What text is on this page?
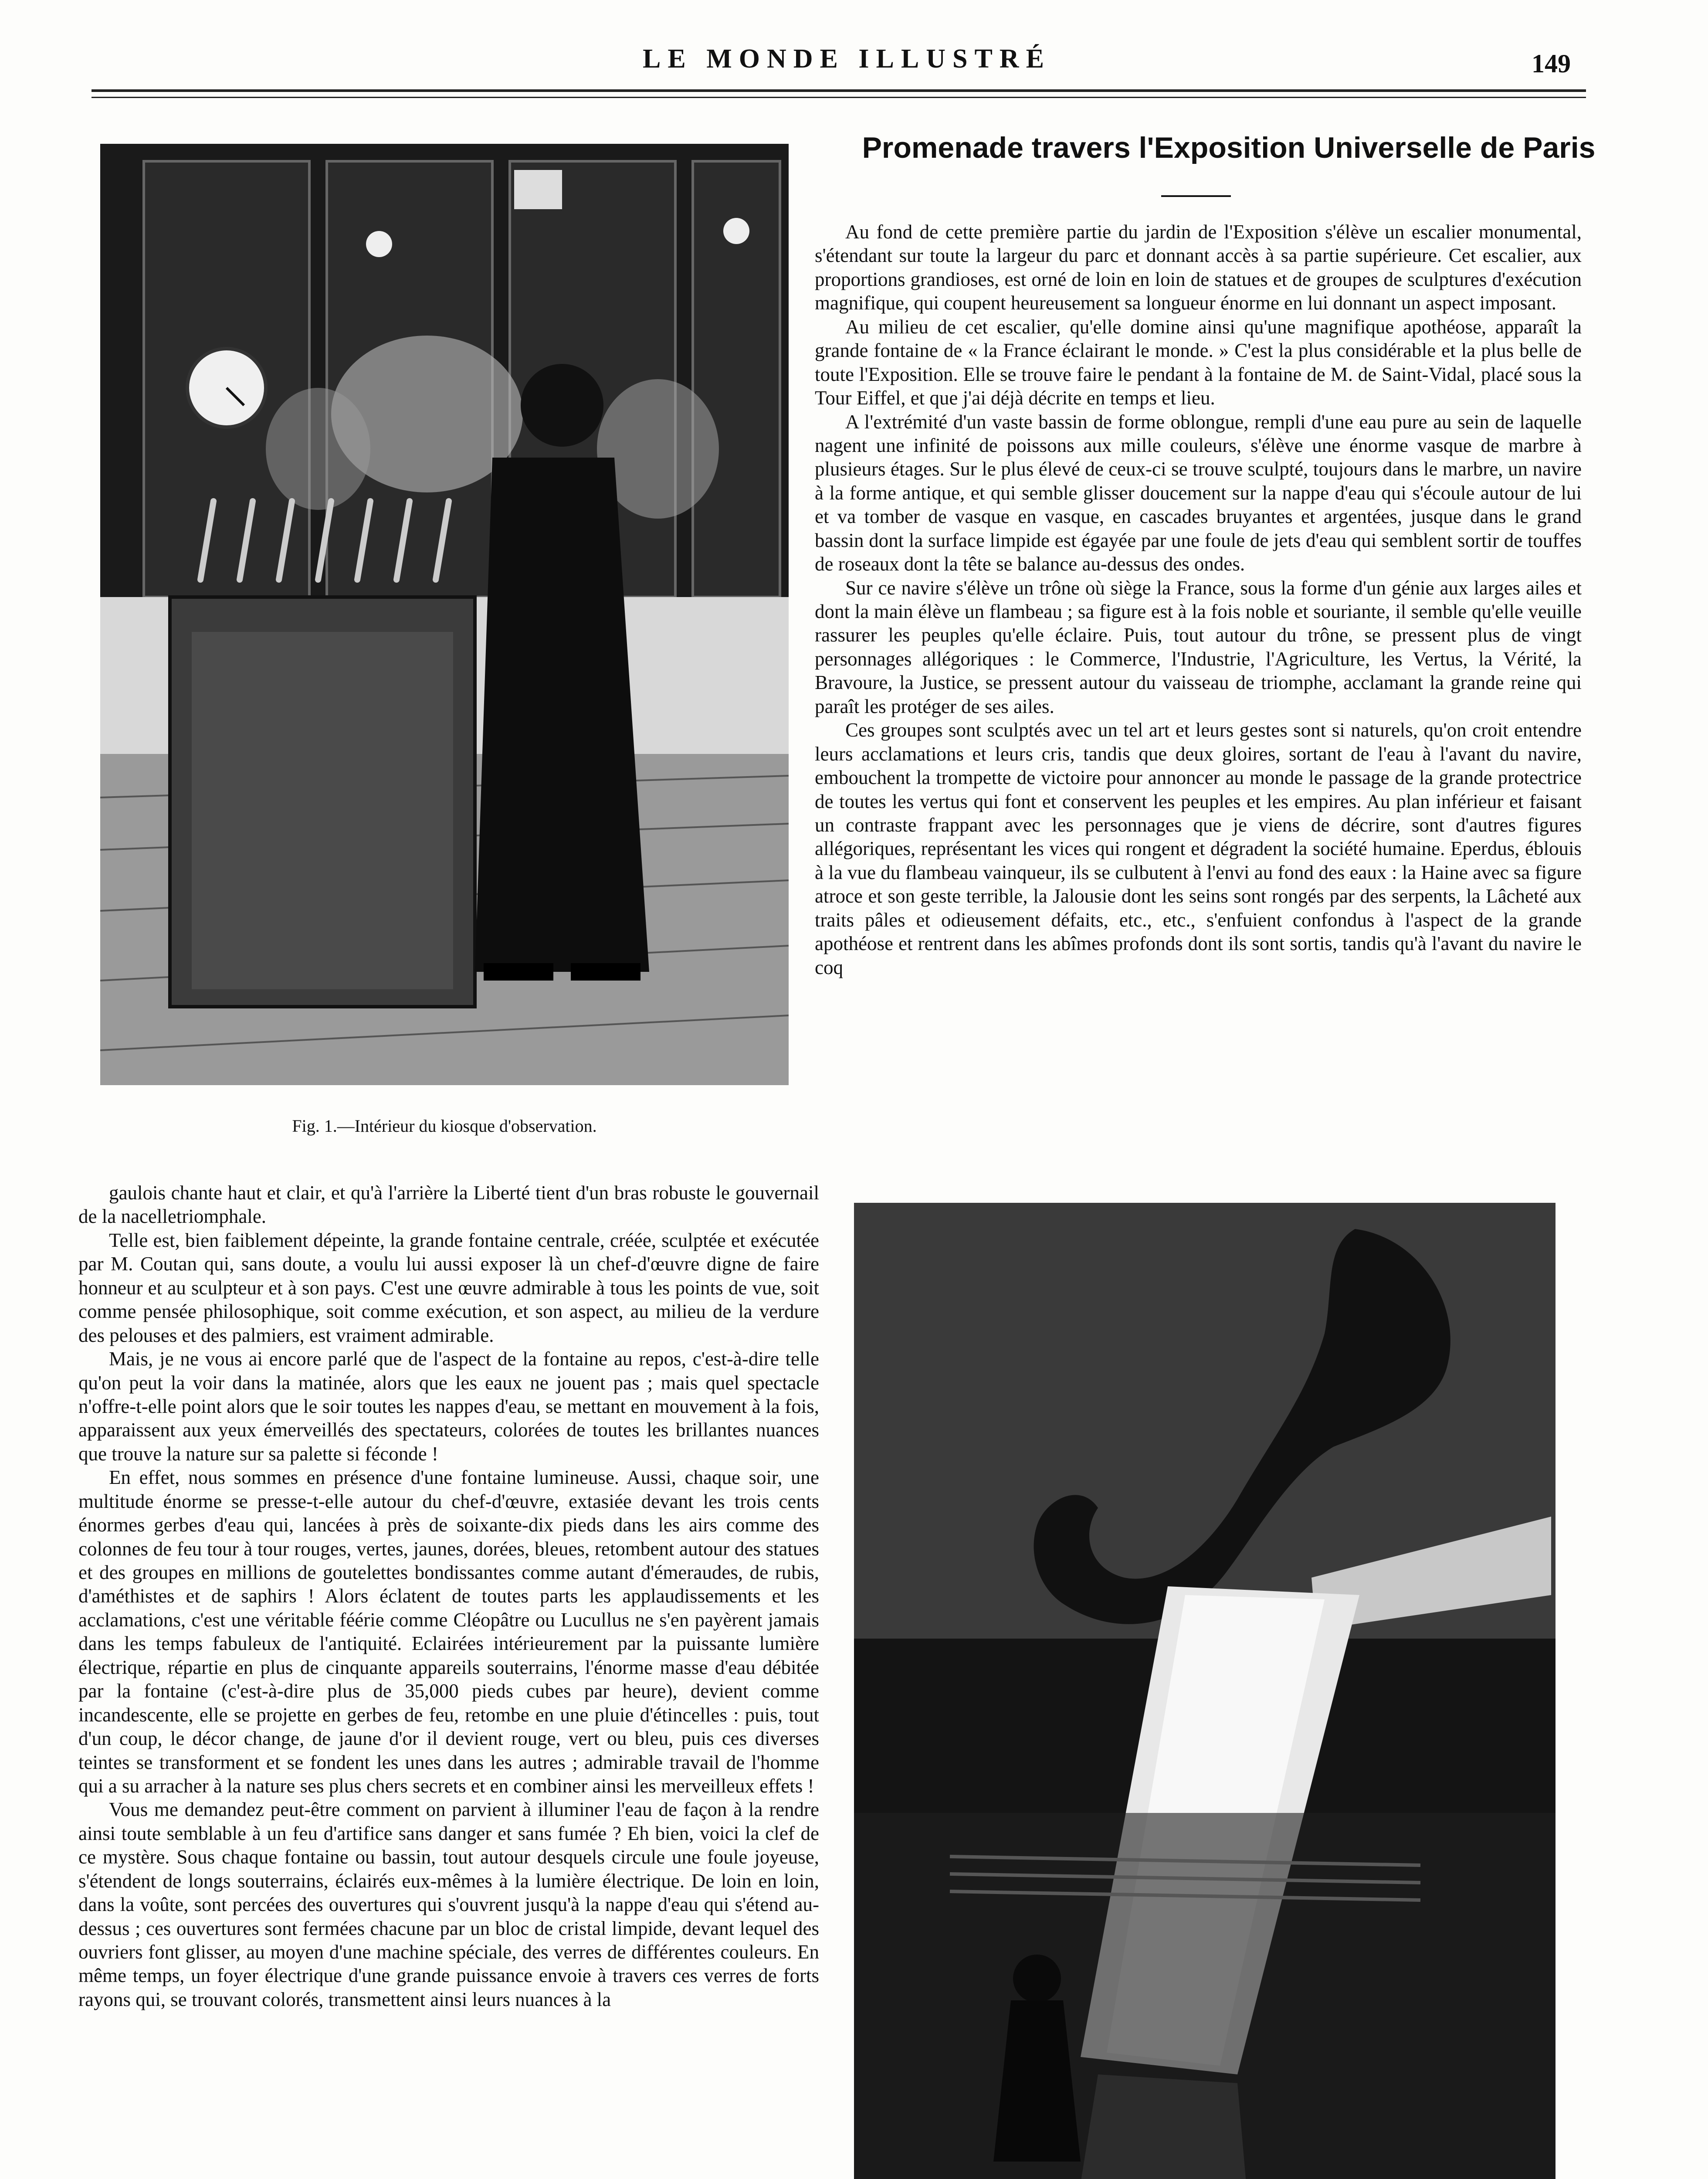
LE MONDE ILLUSTRÉ	149
Fig. 1.—Intérieur du kiosque d'observation.
Promenade travers l'Exposition Universelle de Paris

Au fond de cette première partie du jardin de l'Exposition s'élève un escalier monumental, s'étendant sur toute la largeur du parc et donnant accès à sa partie supérieure. Cet escalier, aux proportions grandioses, est orné de loin en loin de statues et de groupes de sculptures d'exécution magnifique, qui coupent heureusement sa longueur énorme en lui donnant un aspect imposant.

Au milieu de cet escalier, qu'elle domine ainsi qu'une magnifique apothéose, apparaît la grande fontaine de « la France éclairant le monde. » C'est la plus considérable et la plus belle de toute l'Exposition. Elle se trouve faire le pendant à la fontaine de M. de Saint-Vidal, placé sous la Tour Eiffel, et que j'ai déjà décrite en temps et lieu.

A l'extrémité d'un vaste bassin de forme oblongue, rempli d'une eau pure au sein de laquelle nagent une infinité de poissons aux mille couleurs, s'élève une énorme vasque de marbre à plusieurs étages. Sur le plus élevé de ceux-ci se trouve sculpté, toujours dans le marbre, un navire à la forme antique, et qui semble glisser doucement sur la nappe d'eau qui s'écoule autour de lui et va tomber de vasque en vasque, en cascades bruyantes et argentées, jusque dans le grand bassin dont la surface limpide est égayée par une foule de jets d'eau qui semblent sortir de touffes de roseaux dont la tête se balance au-dessus des ondes.

Sur ce navire s'élève un trône où siège la France, sous la forme d'un génie aux larges ailes et dont la main élève un flambeau ; sa figure est à la fois noble et souriante, il semble qu'elle veuille rassurer les peuples qu'elle éclaire. Puis, tout autour du trône, se pressent plus de vingt personnages allégoriques : le Commerce, l'Industrie, l'Agriculture, les Vertus, la Vérité, la Bravoure, la Justice, se pressent autour du vaisseau de triomphe, acclamant la grande reine qui paraît les protéger de ses ailes.

Ces groupes sont sculptés avec un tel art et leurs gestes sont si naturels, qu'on croit entendre leurs acclamations et leurs cris, tandis que deux gloires, sortant de l'eau à l'avant du navire, embouchent la trompette de victoire pour annoncer au monde le passage de la grande protectrice de toutes les vertus qui font et conservent les peuples et les empires. Au plan inférieur et faisant un contraste frappant avec les personnages que je viens de décrire, sont d'autres figures allégoriques, représentant les vices qui rongent et dégradent la société humaine. Eperdus, éblouis à la vue du flambeau vainqueur, ils se culbutent à l'envi au fond des eaux : la Haine avec sa figure atroce et son geste terrible, la Jalousie dont les seins sont rongés par des serpents, la Lâcheté aux traits pâles et odieusement défaits, etc., etc., s'enfuient confondus à l'aspect de la grande apothéose et rentrent dans les abîmes profonds dont ils sont sortis, tandis qu'à l'avant du navire le coq

gaulois chante haut et clair, et qu'à l'arrière la Liberté tient d'un bras robuste le gouvernail de la nacelletriomphale.

Telle est, bien faiblement dépeinte, la grande fontaine centrale, créée, sculptée et exécutée par M. Coutan qui, sans doute, a voulu lui aussi exposer là un chef-d'œuvre digne de faire honneur et au sculpteur et à son pays. C'est une œuvre admirable à tous les points de vue, soit comme pensée philosophique, soit comme exécution, et son aspect, au milieu de la verdure des pelouses et des palmiers, est vraiment admirable.

Mais, je ne vous ai encore parlé que de l'aspect de la fontaine au repos, c'est-à-dire telle qu'on peut la voir dans la matinée, alors que les eaux ne jouent pas ; mais quel spectacle n'offre-t-elle point alors que le soir toutes les nappes d'eau, se mettant en mouvement à la fois, apparaissent aux yeux émerveillés des spectateurs, colorées de toutes les brillantes nuances que trouve la nature sur sa palette si féconde !

En effet, nous sommes en présence d'une fontaine lumineuse. Aussi, chaque soir, une multitude énorme se presse-t-elle autour du chef-d'œuvre, extasiée devant les trois cents énormes gerbes d'eau qui, lancées à près de soixante-dix pieds dans les airs comme des colonnes de feu tour à tour rouges, vertes, jaunes, dorées, bleues, retombent autour des statues et des groupes en millions de goutelettes bondissantes comme autant d'émeraudes, de rubis, d'améthistes et de saphirs ! Alors éclatent de toutes parts les applaudissements et les acclamations, c'est une véritable féérie comme Cléopâtre ou Lucullus ne s'en payèrent jamais dans les temps fabuleux de l'antiquité. Eclairées intérieurement par la puissante lumière électrique, répartie en plus de cinquante appareils souterrains, l'énorme masse d'eau débitée par la fontaine (c'est-à-dire plus de 35,000 pieds cubes par heure), devient comme incandescente, elle se projette en gerbes de feu, retombe en une pluie d'étincelles : puis, tout d'un coup, le décor change, de jaune d'or il devient rouge, vert ou bleu, puis ces diverses teintes se transforment et se fondent les unes dans les autres ; admirable travail de l'homme qui a su arracher à la nature ses plus chers secrets et en combiner ainsi les merveilleux effets !

Vous me demandez peut-être comment on parvient à illuminer l'eau de façon à la rendre ainsi toute semblable à un feu d'artifice sans danger et sans fumée ? Eh bien, voici la clef de ce mystère. Sous chaque fontaine ou bassin, tout autour desquels circule une foule joyeuse, s'étendent de longs souterrains, éclairés eux-mêmes à la lumière électrique. De loin en loin, dans la voûte, sont percées des ouvertures qui s'ouvrent jusqu'à la nappe d'eau qui s'étend au-dessus ; ces ouvertures sont fermées chacune par un bloc de cristal limpide, devant lequel des ouvriers font glisser, au moyen d'une machine spéciale, des verres de différentes couleurs. En même temps, un foyer électrique d'une grande puissance envoie à travers ces verres de forts rayons qui, se trouvant colorés, transmettent ainsi leurs nuances à la
